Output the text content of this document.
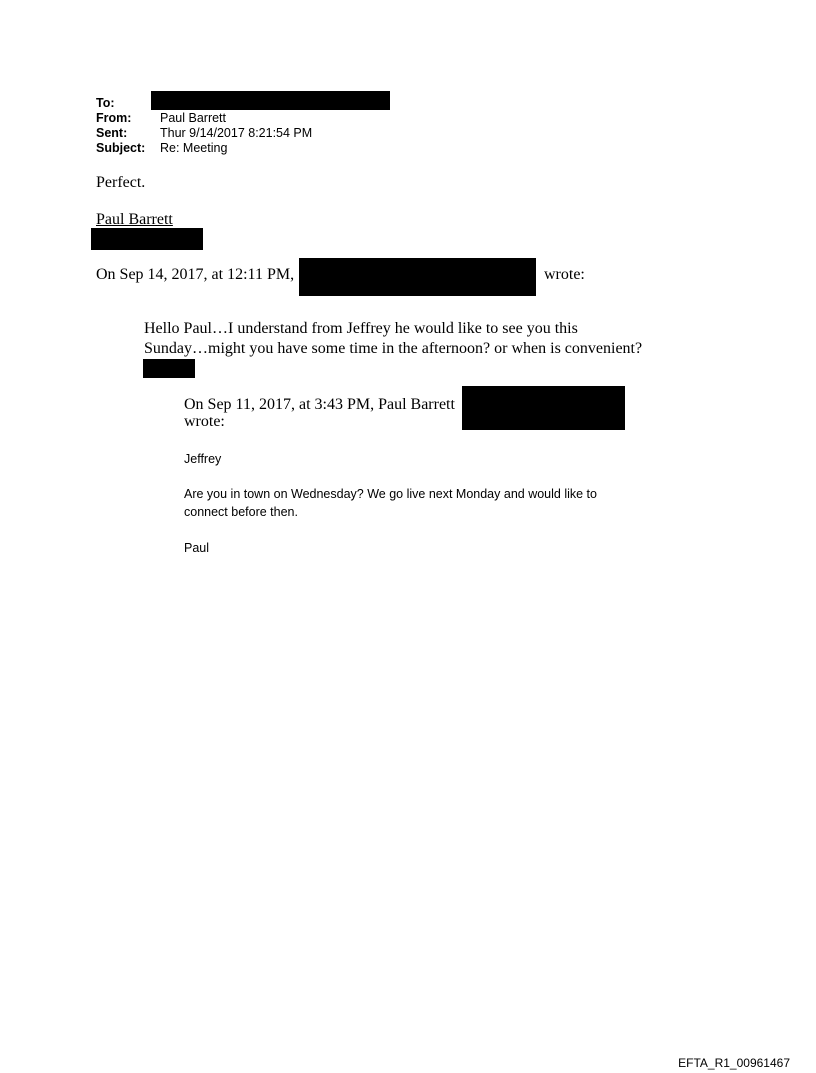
To:
From:	Paul Barrett
Sent:	Thur 9/14/2017 8:21:54 PM
Subject:	Re: Meeting
Perfect.
Paul Barrett
On Sep 14, 2017, at 12:11 PM,	wrote:
Hello Paul…I understand from Jeffrey he would like to see you this
Sunday…might you have some time in the afternoon? or when is convenient?
On Sep 11, 2017, at 3:43 PM, Paul Barrett
wrote:
Jeffrey
Are you in town on Wednesday? We go live next Monday and would like to
connect before then.
Paul
EFTA_R1_00961467
